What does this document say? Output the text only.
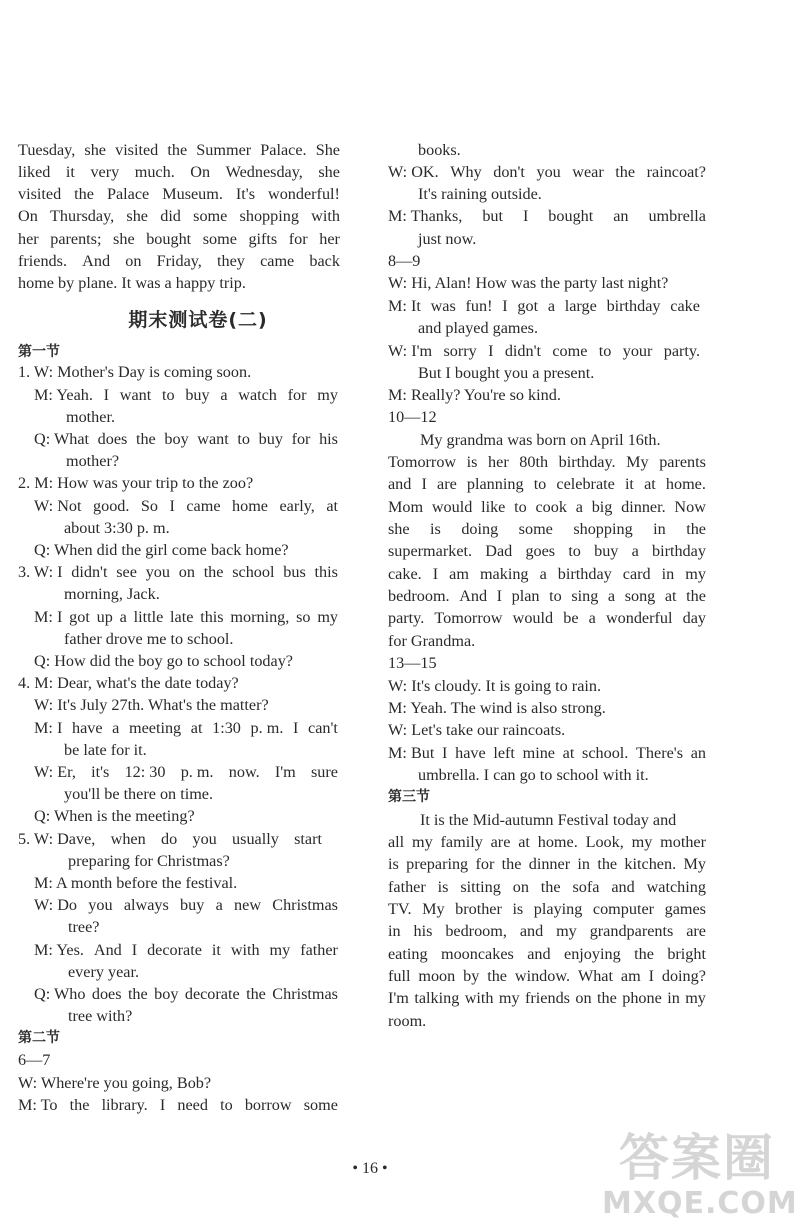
Tuesday, she visited the Summer Palace. She
liked it very much. On Wednesday, she
visited the Palace Museum. It's wonderful!
On Thursday, she did some shopping with
her parents; she bought some gifts for her
friends. And on Friday, they came back
home by plane. It was a happy trip.
期末测试卷(二)
第一节
1. W: Mother's Day is coming soon.
M: Yeah. I want to buy a watch for my
mother.
Q: What does the boy want to buy for his
mother?
2. M: How was your trip to the zoo?
W: Not good. So I came home early, at
about 3:30 p. m.
Q: When did the girl come back home?
3. W: I didn't see you on the school bus this
morning, Jack.
M: I got up a little late this morning, so my
father drove me to school.
Q: How did the boy go to school today?
4. M: Dear, what's the date today?
W: It's July 27th. What's the matter?
M: I have a meeting at 1:30 p. m. I can't
be late for it.
W: Er, it's 12: 30 p. m. now. I'm sure
you'll be there on time.
Q: When is the meeting?
5. W: Dave, when do you usually start
preparing for Christmas?
M: A month before the festival.
W: Do you always buy a new Christmas
tree?
M: Yes. And I decorate it with my father
every year.
Q: Who does the boy decorate the Christmas
tree with?
第二节
6—7
W: Where're you going, Bob?
M: To the library. I need to borrow some
books.
W: OK. Why don't you wear the raincoat?
It's raining outside.
M: Thanks, but I bought an umbrella
just now.
8—9
W: Hi, Alan! How was the party last night?
M: It was fun! I got a large birthday cake
and played games.
W: I'm sorry I didn't come to your party.
But I bought you a present.
M: Really? You're so kind.
10—12
My grandma was born on April 16th.
Tomorrow is her 80th birthday. My parents
and I are planning to celebrate it at home.
Mom would like to cook a big dinner. Now
she is doing some shopping in the
supermarket. Dad goes to buy a birthday
cake. I am making a birthday card in my
bedroom. And I plan to sing a song at the
party. Tomorrow would be a wonderful day
for Grandma.
13—15
W: It's cloudy. It is going to rain.
M: Yeah. The wind is also strong.
W: Let's take our raincoats.
M: But I have left mine at school. There's an
umbrella. I can go to school with it.
第三节
It is the Mid-autumn Festival today and
all my family are at home. Look, my mother
is preparing for the dinner in the kitchen. My
father is sitting on the sofa and watching
TV. My brother is playing computer games
in his bedroom, and my grandparents are
eating mooncakes and enjoying the bright
full moon by the window. What am I doing?
I'm talking with my friends on the phone in my
room.
• 16 •	答案圈
MXQE.COM
